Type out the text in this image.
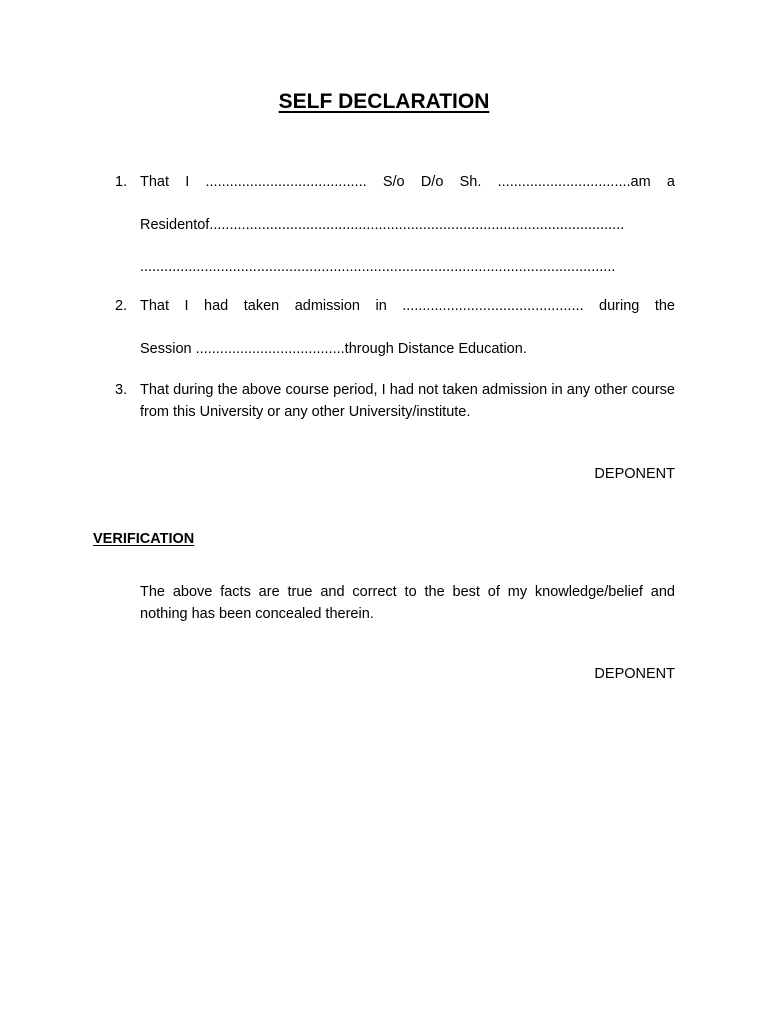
SELF DECLARATION
1. That I ........................................ S/o D/o Sh. .................................am a
Residentof.......................................................................................................
......................................................................................................................
2. That I had taken admission in ............................................. during the
Session .....................................through Distance Education.
3. That during the above course period, I had not taken admission in any other course from this University or any other University/institute.
DEPONENT
VERIFICATION
The above facts are true and correct to the best of my knowledge/belief and nothing has been concealed therein.
DEPONENT
